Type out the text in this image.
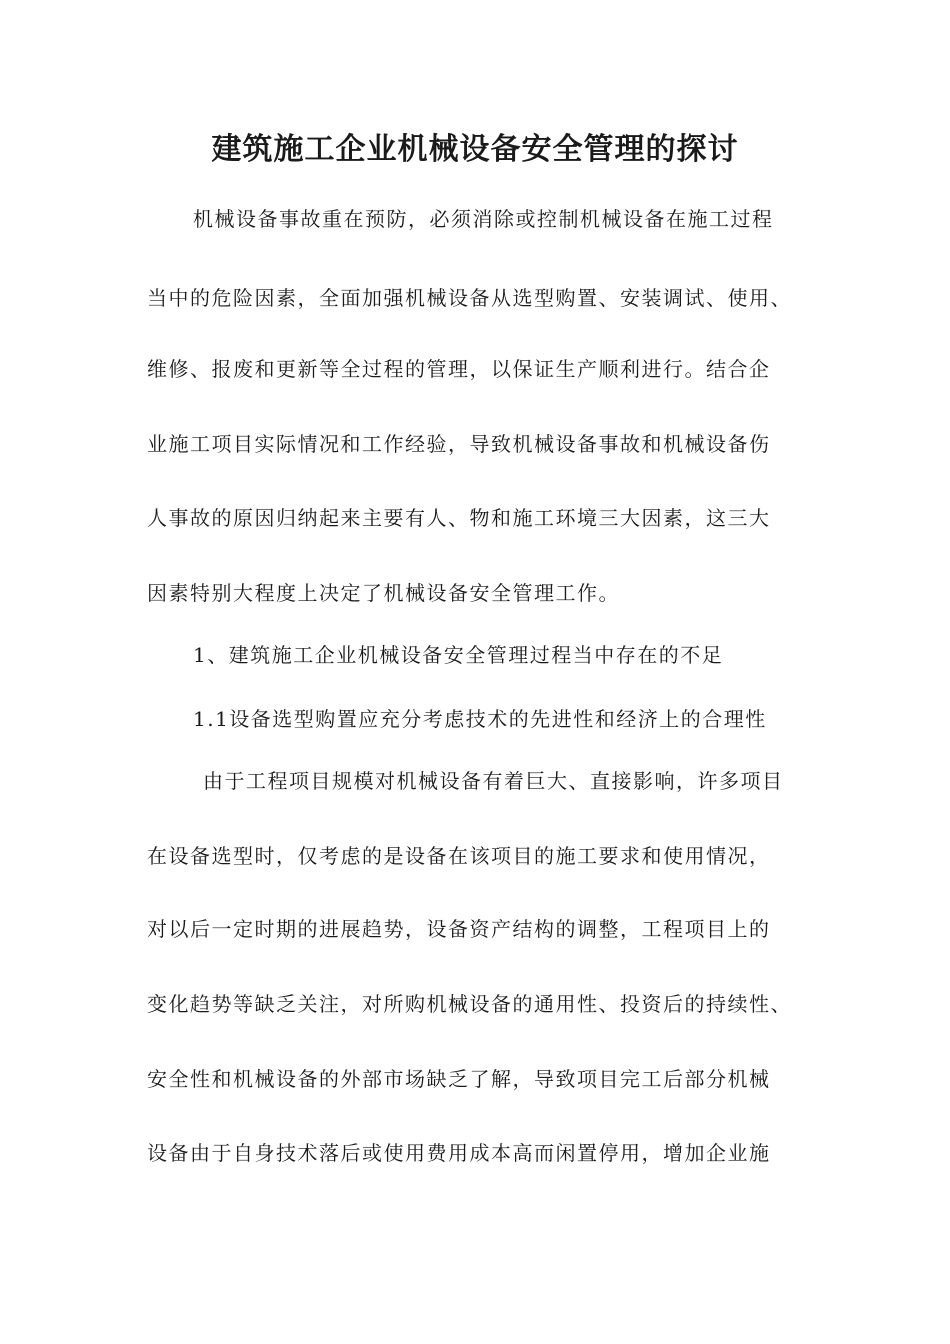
建筑施工企业机械设备安全管理的探讨
机械设备事故重在预防，必须消除或控制机械设备在施工过程
当中的危险因素，全面加强机械设备从选型购置、安装调试、使用、
维修、报废和更新等全过程的管理，以保证生产顺利进行。结合企
业施工项目实际情况和工作经验，导致机械设备事故和机械设备伤
人事故的原因归纳起来主要有人、物和施工环境三大因素，这三大
因素特别大程度上决定了机械设备安全管理工作。
1、建筑施工企业机械设备安全管理过程当中存在的不足
1.1设备选型购置应充分考虑技术的先进性和经济上的合理性
由于工程项目规模对机械设备有着巨大、直接影响，许多项目
在设备选型时，仅考虑的是设备在该项目的施工要求和使用情况，
对以后一定时期的进展趋势，设备资产结构的调整，工程项目上的
变化趋势等缺乏关注，对所购机械设备的通用性、投资后的持续性、
安全性和机械设备的外部市场缺乏了解，导致项目完工后部分机械
设备由于自身技术落后或使用费用成本高而闲置停用，增加企业施
